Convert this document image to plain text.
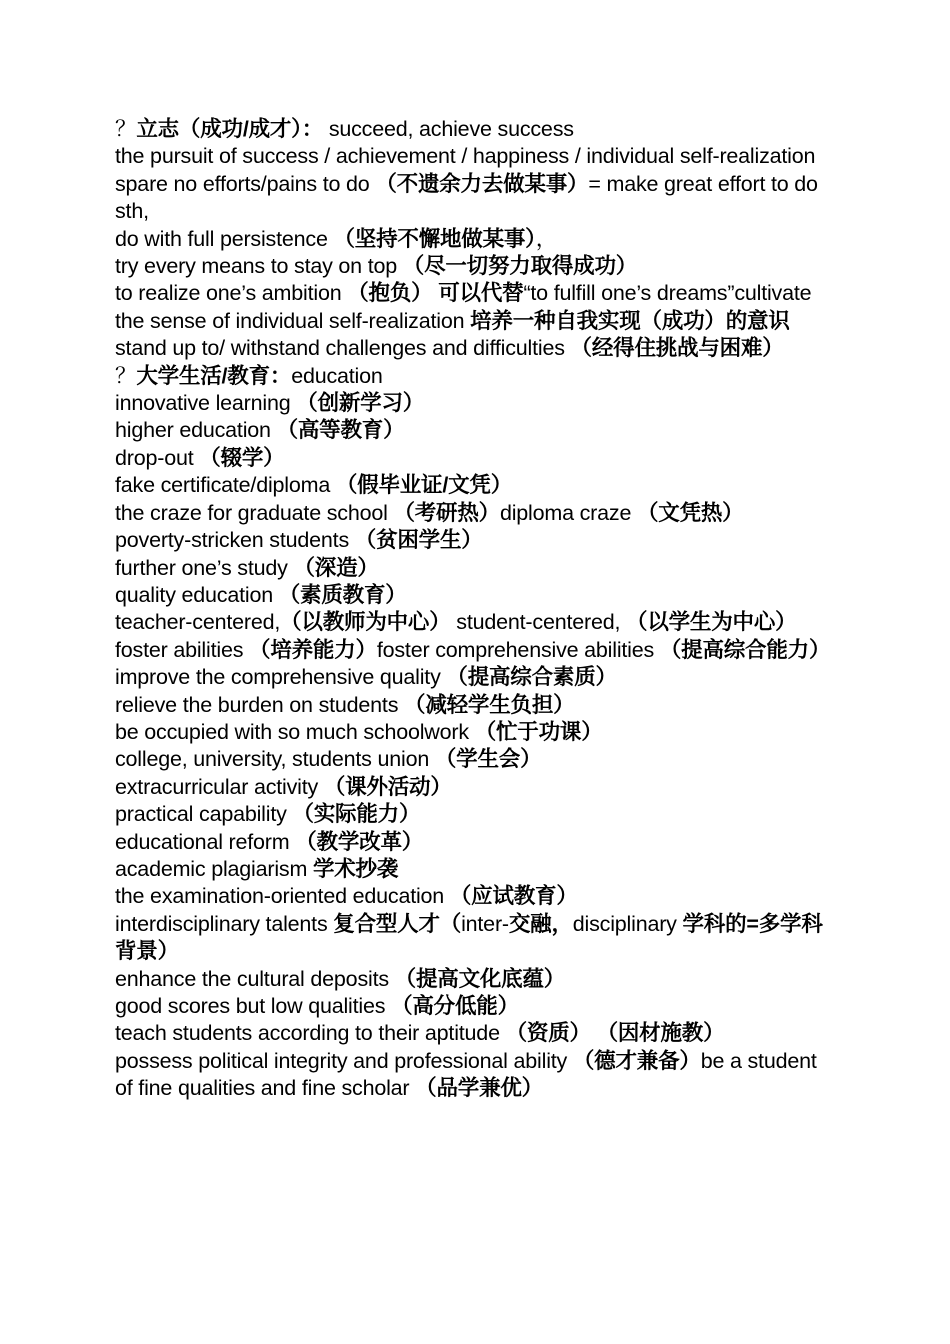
？立志（成功/成才）： succeed, achieve success
the pursuit of success / achievement / happiness / individual self-realization
spare no efforts/pains to do （不遗余力去做某事）= make great effort to do sth,
do with full persistence （坚持不懈地做某事），
try every means to stay on top （尽一切努力取得成功）
to realize one’s ambition （抱负） 可以代替“to fulfill one’s dreams”cultivate the sense of individual self-realization 培养一种自我实现（成功）的意识
stand up to/ withstand challenges and difficulties （经得住挑战与困难）
？大学生活/教育：education
innovative learning （创新学习）
higher education （高等教育）
drop-out （辍学）
fake certificate/diploma （假毕业证/文凭）
the craze for graduate school （考研热）diploma craze （文凭热）
poverty-stricken students （贫困学生）
further one’s study （深造）
quality education （素质教育）
teacher-centered,（以教师为中心） student-centered, （以学生为中心）foster abilities （培养能力）foster comprehensive abilities （提高综合能力）
improve the comprehensive quality （提高综合素质）
relieve the burden on students （减轻学生负担）
be occupied with so much schoolwork （忙于功课）
college, university, students union （学生会）
extracurricular activity （课外活动）
practical capability （实际能力）
educational reform （教学改革）
academic plagiarism 学术抄袭
the examination-oriented education （应试教育）
interdisciplinary talents 复合型人才（inter-交融，disciplinary 学科的=多学科背景）
enhance the cultural deposits （提高文化底蕴）
good scores but low qualities （高分低能）
teach students according to their aptitude （资质） （因材施教）
possess political integrity and professional ability （德才兼备）be a student of fine qualities and fine scholar （品学兼优）
